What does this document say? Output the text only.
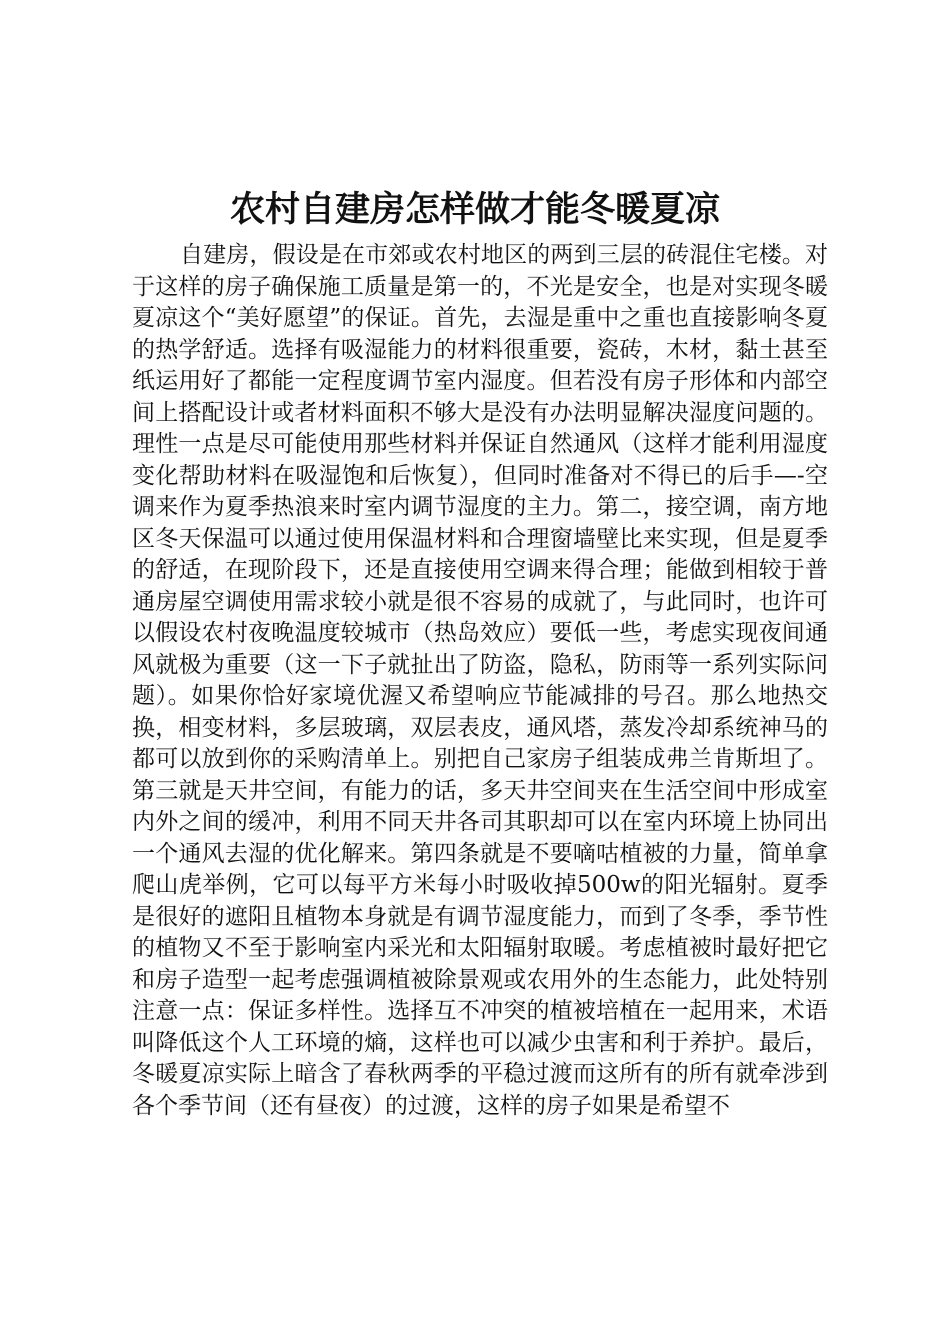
农村自建房怎样做才能冬暖夏凉

自建房，假设是在市郊或农村地区的两到三层的砖混住宅楼。对于这样的房子确保施工质量是第一的，不光是安全，也是对实现冬暖夏凉这个“美好愿望”的保证。首先，去湿是重中之重也直接影响冬夏的热学舒适。选择有吸湿能力的材料很重要，瓷砖，木材，黏土甚至纸运用好了都能一定程度调节室内湿度。但若没有房子形体和内部空间上搭配设计或者材料面积不够大是没有办法明显解决湿度问题的。理性一点是尽可能使用那些材料并保证自然通风（这样才能利用湿度变化帮助材料在吸湿饱和后恢复），但同时准备对不得已的后手—-空调来作为夏季热浪来时室内调节湿度的主力。第二，接空调，南方地区冬天保温可以通过使用保温材料和合理窗墙壁比来实现，但是夏季的舒适，在现阶段下，还是直接使用空调来得合理；能做到相较于普通房屋空调使用需求较小就是很不容易的成就了，与此同时，也许可以假设农村夜晚温度较城市（热岛效应）要低一些，考虑实现夜间通风就极为重要（这一下子就扯出了防盗，隐私，防雨等一系列实际问题）。如果你恰好家境优渥又希望响应节能减排的号召。那么地热交换，相变材料，多层玻璃，双层表皮，通风塔，蒸发冷却系统神马的都可以放到你的采购清单上。别把自己家房子组装成弗兰肯斯坦了。第三就是天井空间，有能力的话，多天井空间夹在生活空间中形成室内外之间的缓冲，利用不同天井各司其职却可以在室内环境上协同出一个通风去湿的优化解来。第四条就是不要嘀咕植被的力量，简单拿爬山虎举例，它可以每平方米每小时吸收掉500w的阳光辐射。夏季是很好的遮阳且植物本身就是有调节湿度能力，而到了冬季，季节性的植物又不至于影响室内采光和太阳辐射取暖。考虑植被时最好把它和房子造型一起考虑强调植被除景观或农用外的生态能力，此处特别注意一点：保证多样性。选择互不冲突的植被培植在一起用来，术语叫降低这个人工环境的熵，这样也可以减少虫害和利于养护。最后，冬暖夏凉实际上暗含了春秋两季的平稳过渡而这所有的所有就牵涉到各个季节间（还有昼夜）的过渡，这样的房子如果是希望不
